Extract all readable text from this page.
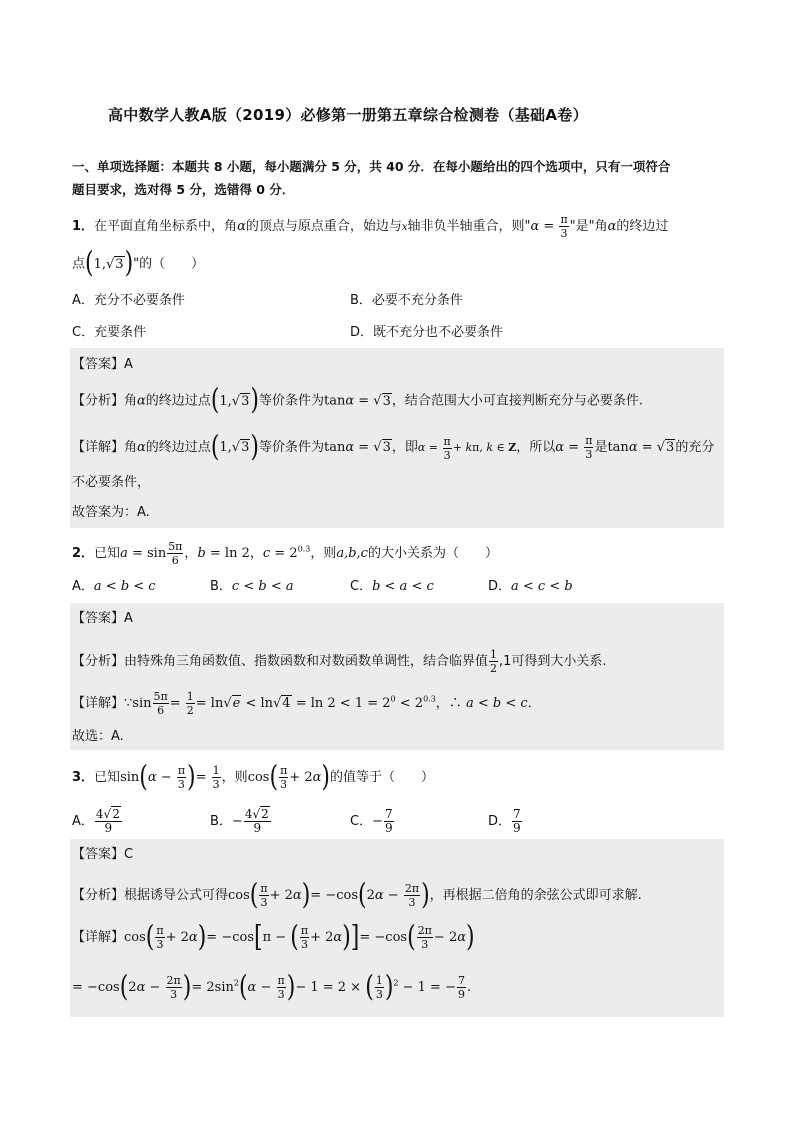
高中数学人教A版（2019）必修第一册第五章综合检测卷（基础A卷）
一、单项选择题：本题共 8 小题，每小题满分 5 分，共 40 分．在每小题给出的四个选项中，只有一项符合
题目要求，选对得 5 分，选错得 0 分．
1．在平面直角坐标系中，角α的顶点与原点重合，始边与x轴非负半轴重合，则"$\alpha = \frac{\pi}{3}$ "是"角α的终边过
点(1,√3)"的（　　）
A．充分不必要条件	B．必要不充分条件
C．充要条件	D．既不充分也不必要条件
【答案】A
【分析】角α的终边过点(1,√3)等价条件为tanα = √3，结合范围大小可直接判断充分与必要条件.
【详解】角α的终边过点(1,√3)等价条件为tanα = √3，即$\alpha = \frac{\pi}{3} + k\pi$, k ∈ Z，所以$\alpha = \frac{\pi}{3}$ 是tanα = √3的充分
不必要条件，
故答案为：A.
2．已知$a = \sin \frac{5\pi}{6}$ ，b = ln 2，$c = 2^{0.3}$，则a,b,c的大小关系为（　　）
A．a < b < c	B．c < b < a	C．b < a < c	D．a < c < b
【答案】A
【分析】由特殊角三角函数值、指数函数和对数函数单调性，结合临界值 $\frac{1}{2} ,1$可得到大小关系.
【详解】∵sin $\frac{5\pi}{6} = \frac{1}{2} = \ln√e < \ln√4 = \ln 2 < 1 = 2^0 < 2^{0.3}$，∴ a < b < c．
故选：A.
3．已知$\sin(\alpha - \frac{\pi}{3}$ )= $\frac{1}{3}$ ，则$\cos( \frac{\pi}{3} + 2\alpha)$的值等于（　　）
A． $\frac{4√2}{9}$	B．− $\frac{4√2}{9}$	C．− $\frac{7}{9}$	D． $\frac{7}{9}$
【答案】C
【分析】根据诱导公式可得$\cos( \frac{\pi}{3} + 2\alpha)= -\cos(2\alpha - \frac{2\pi}{3}$ )，再根据二倍角的余弦公式即可求解.
【详解】$\cos( \frac{\pi}{3} + 2\alpha)= -\cos[\pi$ − ( $\frac{\pi}{3} + 2\alpha)]= -\cos( \frac{2\pi}{3} - 2\alpha)$
= $-\cos(2\alpha - \frac{2\pi}{3}$ )= $2\sin^2(\alpha - \frac{\pi}{3}$ )− 1 = 2 × ( $\frac{1}{3} )^2 - 1$ = − $\frac{7}{9}$ .
